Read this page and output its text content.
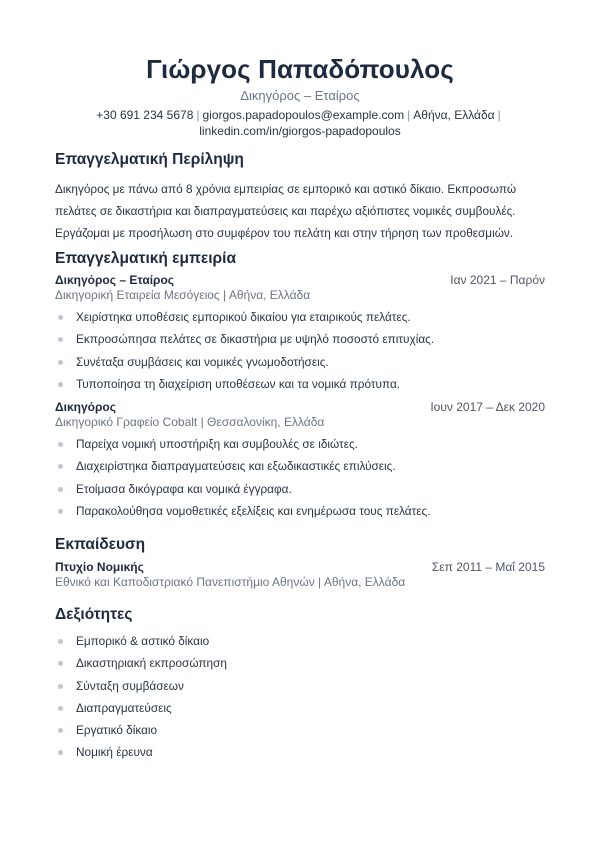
Γιώργος Παπαδόπουλος
Δικηγόρος – Εταίρος
+30 691 234 5678 | giorgos.papadopoulos@example.com | Αθήνα, Ελλάδα |
linkedin.com/in/giorgos-papadopoulos
Επαγγελματική Περίληψη
Δικηγόρος με πάνω από 8 χρόνια εμπειρίας σε εμπορικό και αστικό δίκαιο. Εκπροσωπώ πελάτες σε δικαστήρια και διαπραγματεύσεις και παρέχω αξιόπιστες νομικές συμβουλές. Εργάζομαι με προσήλωση στο συμφέρον του πελάτη και στην τήρηση των προθεσμιών.
Επαγγελματική εμπειρία
Δικηγόρος – Εταίρος	Ιαν 2021 – Παρόν
Δικηγορική Εταιρεία Μεσόγειος | Αθήνα, Ελλάδα
Χειρίστηκα υποθέσεις εμπορικού δικαίου για εταιρικούς πελάτες.
Εκπροσώπησα πελάτες σε δικαστήρια με υψηλό ποσοστό επιτυχίας.
Συνέταξα συμβάσεις και νομικές γνωμοδοτήσεις.
Τυποποίησα τη διαχείριση υποθέσεων και τα νομικά πρότυπα.
Δικηγόρος	Ιουν 2017 – Δεκ 2020
Δικηγορικό Γραφείο Cobalt | Θεσσαλονίκη, Ελλάδα
Παρείχα νομική υποστήριξη και συμβουλές σε ιδιώτες.
Διαχειρίστηκα διαπραγματεύσεις και εξωδικαστικές επιλύσεις.
Ετοίμασα δικόγραφα και νομικά έγγραφα.
Παρακολούθησα νομοθετικές εξελίξεις και ενημέρωσα τους πελάτες.
Εκπαίδευση
Πτυχίο Νομικής	Σεπ 2011 – Μαΐ 2015
Εθνικό και Καποδιστριακό Πανεπιστήμιο Αθηνών | Αθήνα, Ελλάδα
Δεξιότητες
Εμπορικό & αστικό δίκαιο
Δικαστηριακή εκπροσώπηση
Σύνταξη συμβάσεων
Διαπραγματεύσεις
Εργατικό δίκαιο
Νομική έρευνα
